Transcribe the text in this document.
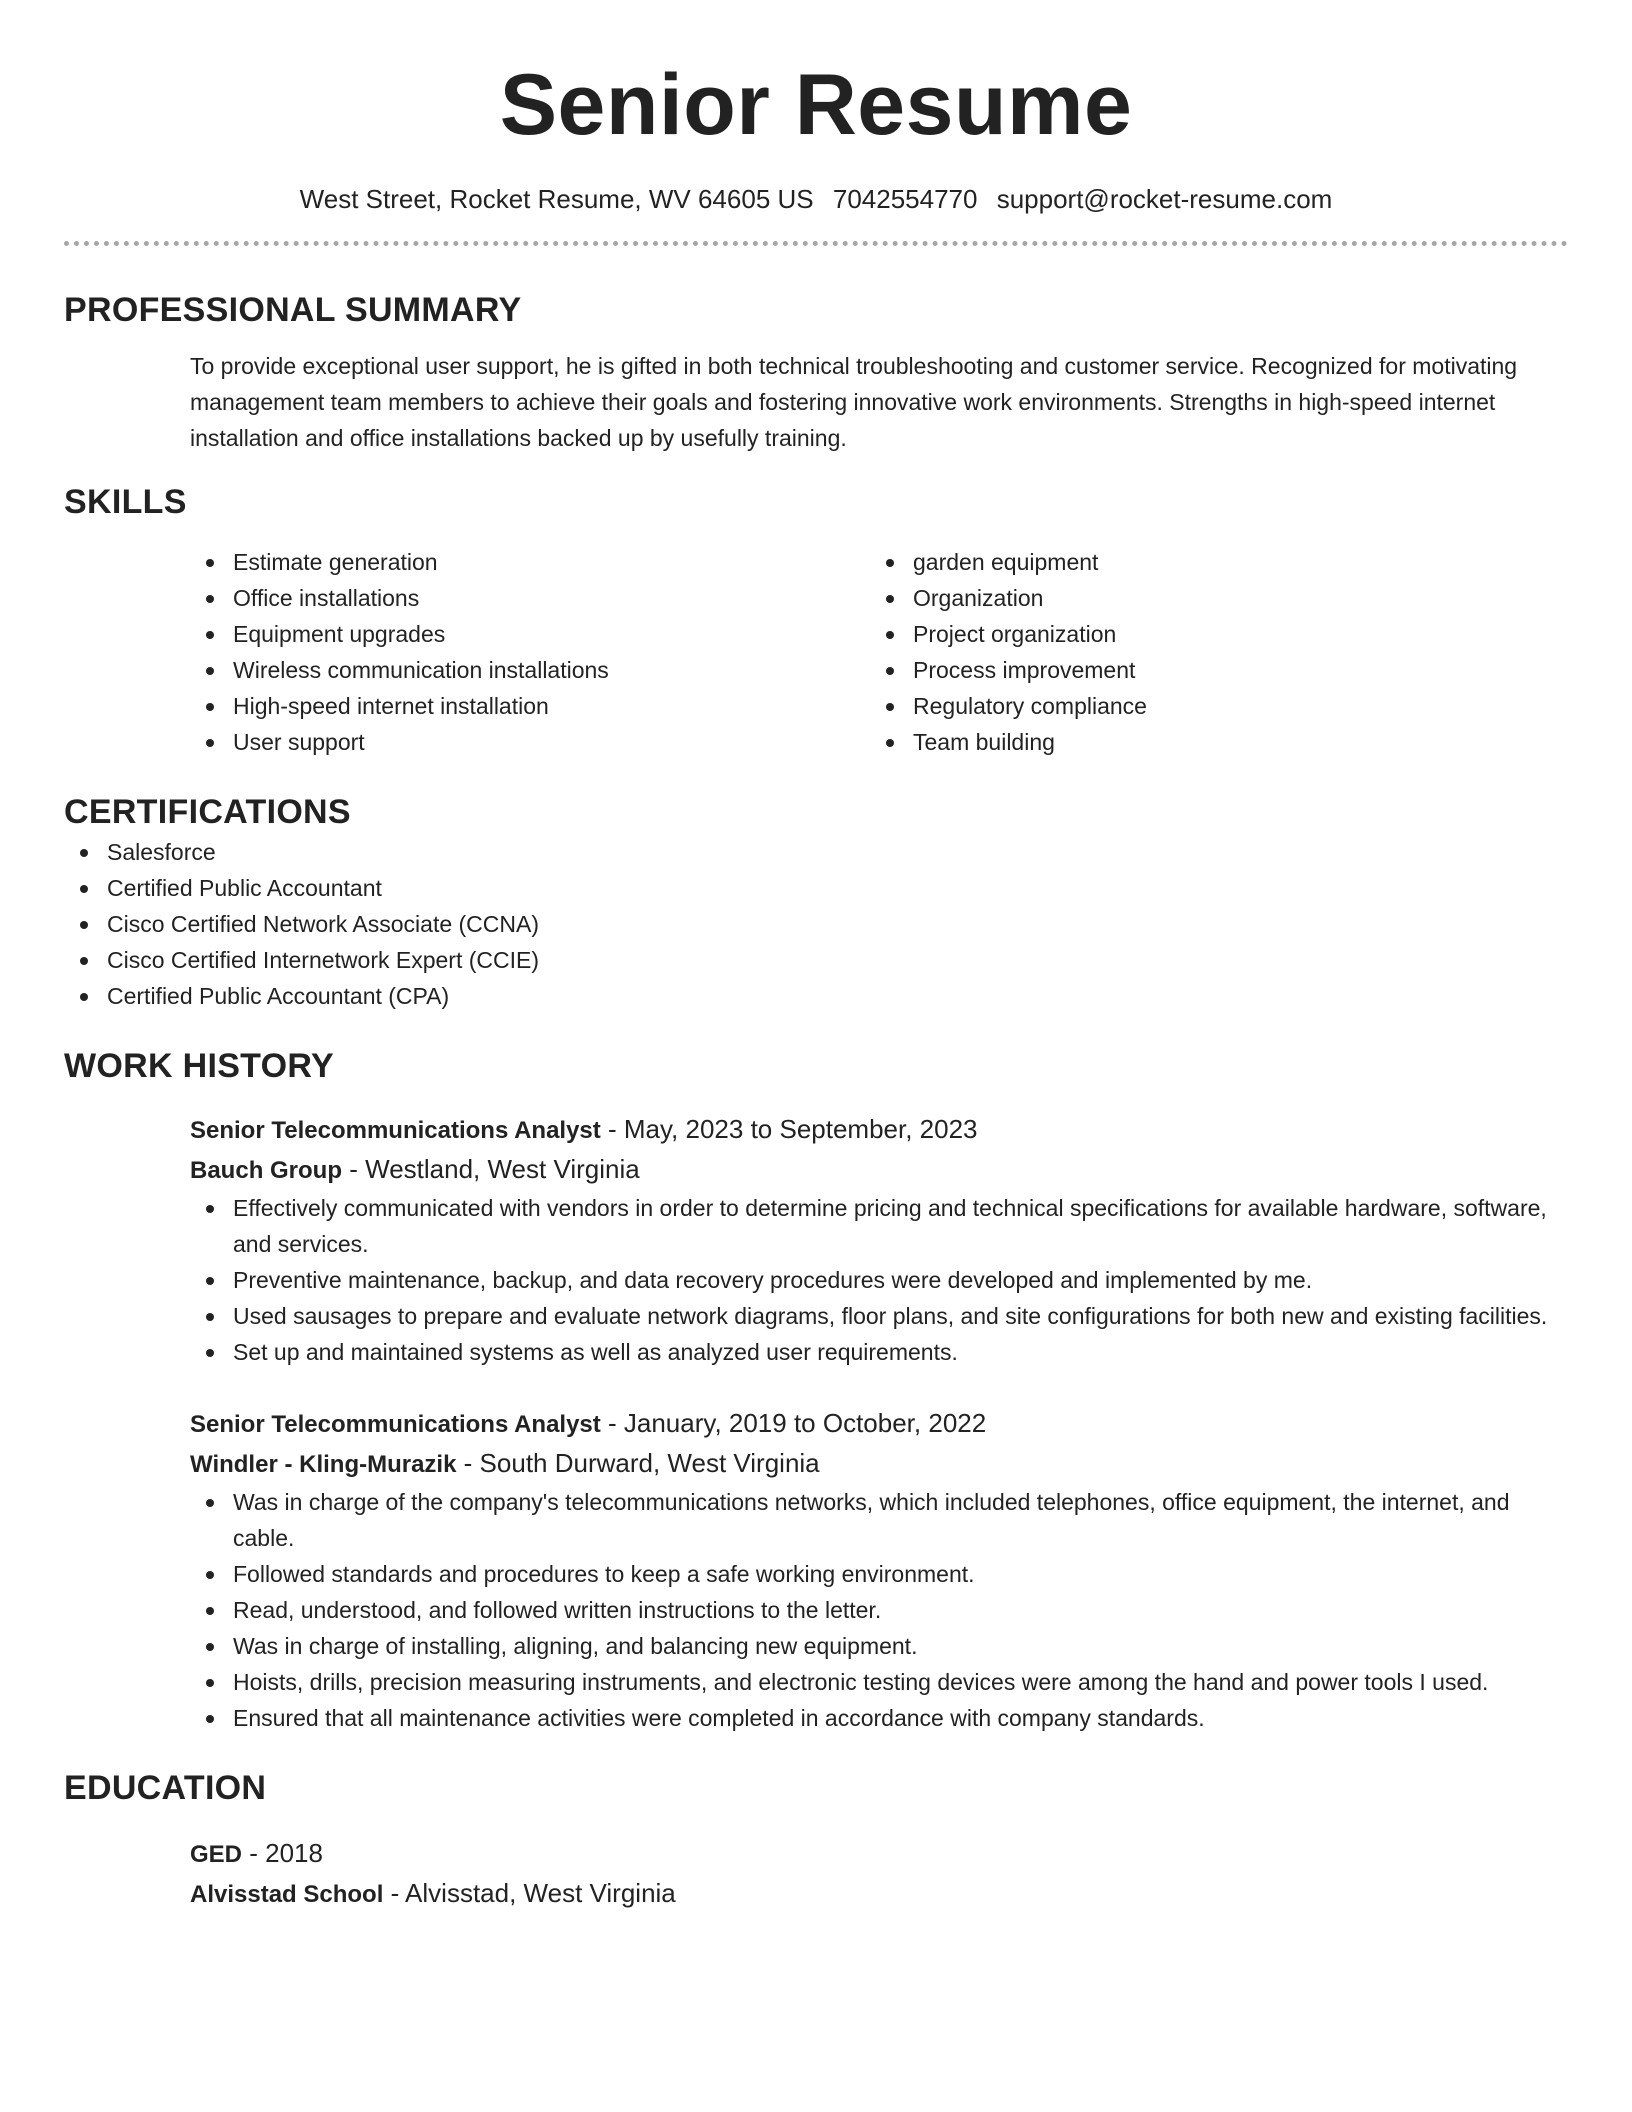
Senior Resume
West Street, Rocket Resume, WV 64605 US 7042554770 support@rocket-resume.com
PROFESSIONAL SUMMARY

To provide exceptional user support, he is gifted in both technical troubleshooting and customer service. Recognized for motivating management team members to achieve their goals and fostering innovative work environments. Strengths in high-speed internet installation and office installations backed up by usefully training.

SKILLS
Estimate generation
Office installations
Equipment upgrades
Wireless communication installations
High-speed internet installation
User support
garden equipment
Organization
Project organization
Process improvement
Regulatory compliance
Team building
CERTIFICATIONS
Salesforce
Certified Public Accountant
Cisco Certified Network Associate (CCNA)
Cisco Certified Internetwork Expert (CCIE)
Certified Public Accountant (CPA)
WORK HISTORY
Senior Telecommunications Analyst - May, 2023 to September, 2023
Bauch Group - Westland, West Virginia
Effectively communicated with vendors in order to determine pricing and technical specifications for available hardware, software, and services.
Preventive maintenance, backup, and data recovery procedures were developed and implemented by me.
Used sausages to prepare and evaluate network diagrams, floor plans, and site configurations for both new and existing facilities.
Set up and maintained systems as well as analyzed user requirements.
Senior Telecommunications Analyst - January, 2019 to October, 2022
Windler - Kling-Murazik - South Durward, West Virginia
Was in charge of the company's telecommunications networks, which included telephones, office equipment, the internet, and cable.
Followed standards and procedures to keep a safe working environment.
Read, understood, and followed written instructions to the letter.
Was in charge of installing, aligning, and balancing new equipment.
Hoists, drills, precision measuring instruments, and electronic testing devices were among the hand and power tools I used.
Ensured that all maintenance activities were completed in accordance with company standards.
EDUCATION
GED - 2018
Alvisstad School - Alvisstad, West Virginia
